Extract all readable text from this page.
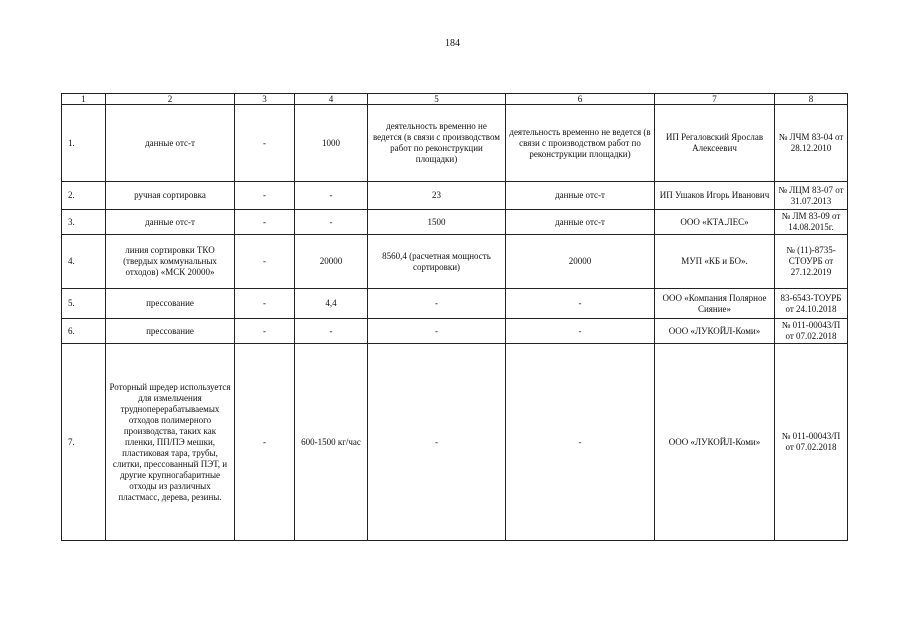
184
1	2	3	4	5	6	7	8
1.	данные отс-т	-	1000	деятельность временно не ведется (в связи с производством работ по реконструкции площадки)	деятельность временно не ведется (в связи с производством работ по реконструкции площадки)	ИП Регаловский Ярослав Алексеевич	№ ЛЧМ 83-04 от 28.12.2010
2.	ручная сортировка	-	-	23	данные отс-т	ИП Ушаков Игорь Иванович	№ ЛЦМ 83-07 от 31.07.2013
3.	данные отс-т	-	-	1500	данные отс-т	ООО «КТА.ЛЕС»	№ ЛМ 83-09 от 14.08.2015г.
4.	линия сортировки ТКО (твердых коммунальных отходов) «МСК 20000»	-	20000	8560,4 (расчетная мощность сортировки)	20000	МУП «КБ и БО».	№ (11)-8735-СТОУРБ от 27.12.2019
5.	прессование	-	4,4	-	-	ООО «Компания Полярное Сияние»	83-6543-ТОУРБ от 24.10.2018
6.	прессование	-	-	-	-	ООО «ЛУКОЙЛ-Коми»	№ 011-00043/П от 07.02.2018
7.	Роторный шредер используется для измельчения трудноперерабатываемых отходов полимерного производства, таких как пленки, ПП/ПЭ мешки, пластиковая тара, трубы, слитки, прессованный ПЭТ, и другие крупногабаритные отходы из различных пластмасс, дерева, резины.	-	600-1500 кг/час	-	-	ООО «ЛУКОЙЛ-Коми»	№ 011-00043/П от 07.02.2018
